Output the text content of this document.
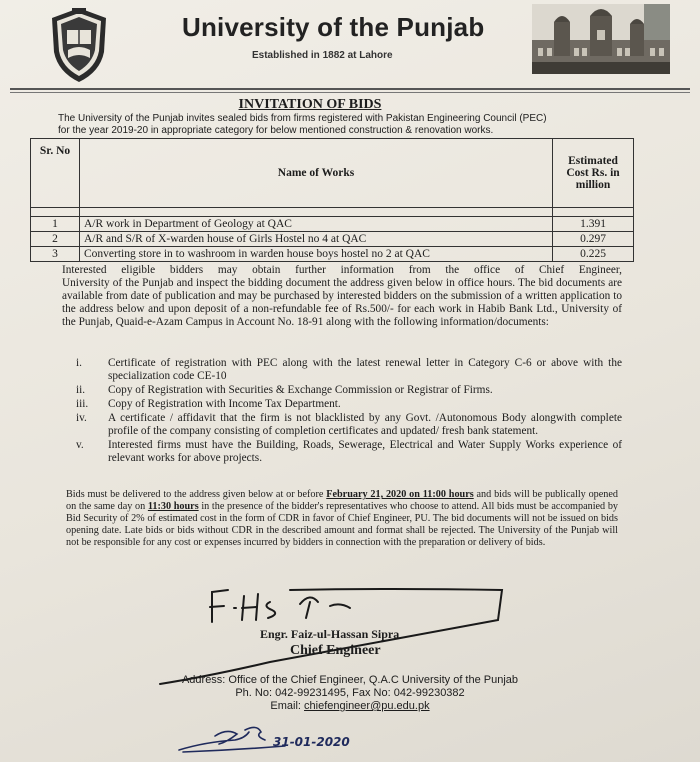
University of the Punjab
Established in 1882 at Lahore
INVITATION OF BIDS
The University of the Punjab invites sealed bids from firms registered with Pakistan Engineering Council (PEC)
for the year 2019-20 in appropriate category for below mentioned construction & renovation works.
Sr. No	Name of Works	Estimated Cost Rs. in million

1	A/R work in Department of Geology at QAC	1.391
2	A/R and S/R of X-warden house of Girls Hostel no 4 at QAC	0.297
3	Converting store in to washroom in warden house boys hostel no 2 at QAC	0.225
Interested eligible bidders may obtain further information from the office of Chief Engineer,
University of the Punjab and inspect the bidding document the address given below in office hours. The bid documents are available from date of publication and may be purchased by interested bidders on the submission of a written application to the address below and upon deposit of a non-refundable fee of Rs.500/- for each work in Habib Bank Ltd., University of the Punjab, Quaid-e-Azam Campus in Account No. 18-91 along with the following information/documents:
i. Certificate of registration with PEC along with the latest renewal letter in Category C-6 or above with the specialization code CE-10
ii. Copy of Registration with Securities & Exchange Commission or Registrar of Firms.
iii. Copy of Registration with Income Tax Department.
iv. A certificate / affidavit that the firm is not blacklisted by any Govt. /Autonomous Body alongwith complete profile of the company consisting of completion certificates and updated/ fresh bank statement.
v. Interested firms must have the Building, Roads, Sewerage, Electrical and Water Supply Works experience of relevant works for above projects.
Bids must be delivered to the address given below at or before February 21, 2020 on 11:00 hours and bids will be publically opened on the same day on 11:30 hours in the presence of the bidder's representatives who choose to attend. All bids must be accompanied by Bid Security of 2% of estimated cost in the form of CDR in favor of Chief Engineer, PU. The bid documents will not be issued on bids opening date. Late bids or bids without CDR in the described amount and format shall be rejected. The University of the Punjab will not be responsible for any cost or expenses incurred by bidders in connection with the preparation or delivery of bids.
Engr. Faiz-ul-Hassan Sipra
Chief Engineer
Address: Office of the Chief Engineer, Q.A.C University of the Punjab
Ph. No: 042-99231495, Fax No: 042-99230382
Email: chiefengineer@pu.edu.pk
31-01-2020
